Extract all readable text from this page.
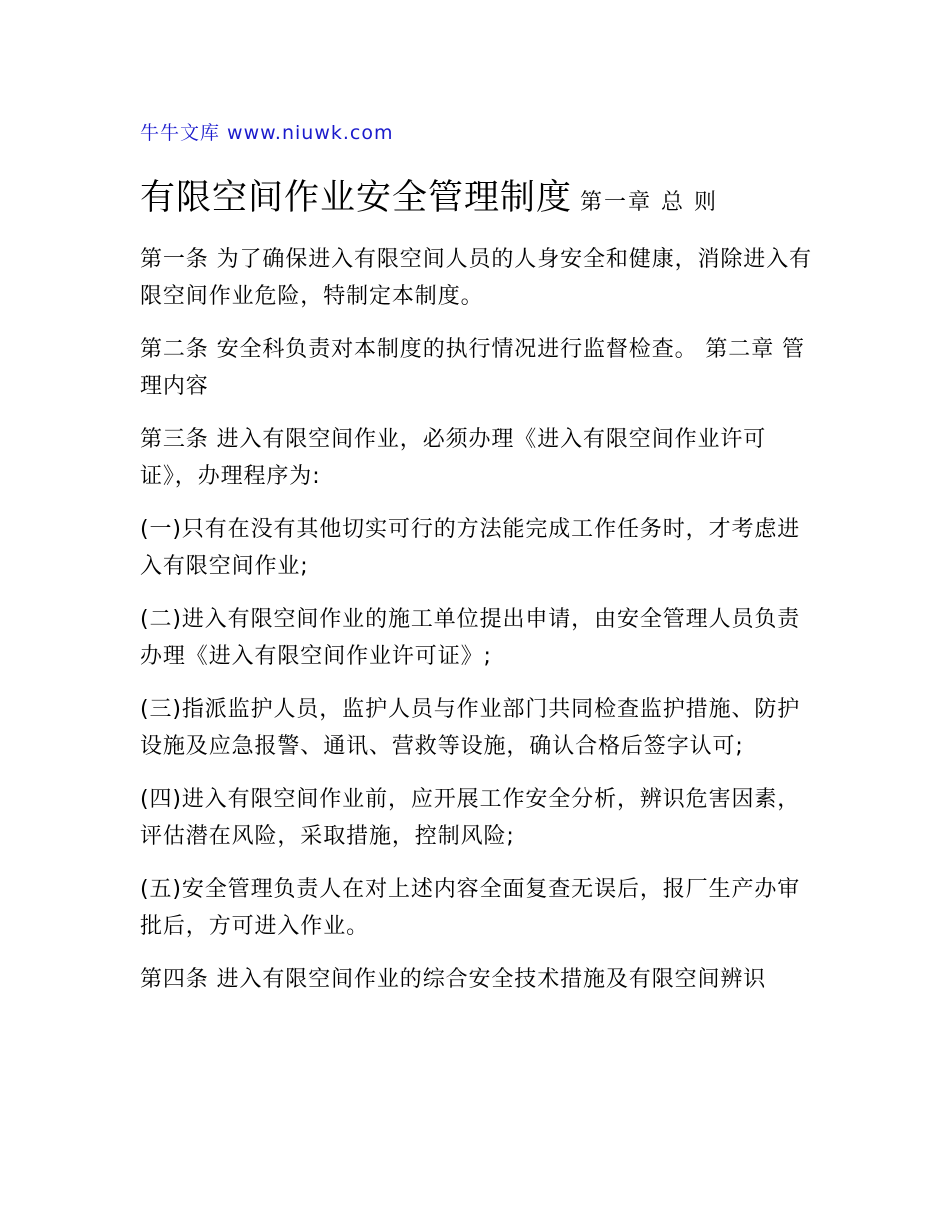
牛牛文库 www.niuwk.com

有限空间作业安全管理制度 第一章 总 则

第一条 为了确保进入有限空间人员的人身安全和健康，消除进入有限空间作业危险，特制定本制度。

第二条 安全科负责对本制度的执行情况进行监督检查。 第二章 管理内容

第三条 进入有限空间作业，必须办理《进入有限空间作业许可证》，办理程序为:

(一)只有在没有其他切实可行的方法能完成工作任务时，才考虑进入有限空间作业;

(二)进入有限空间作业的施工单位提出申请，由安全管理人员负责办理《进入有限空间作业许可证》;

(三)指派监护人员，监护人员与作业部门共同检查监护措施、防护设施及应急报警、通讯、营救等设施，确认合格后签字认可;

(四)进入有限空间作业前，应开展工作安全分析，辨识危害因素，评估潜在风险，采取措施，控制风险;

(五)安全管理负责人在对上述内容全面复查无误后，报厂生产办审批后，方可进入作业。

第四条 进入有限空间作业的综合安全技术措施及有限空间辨识
